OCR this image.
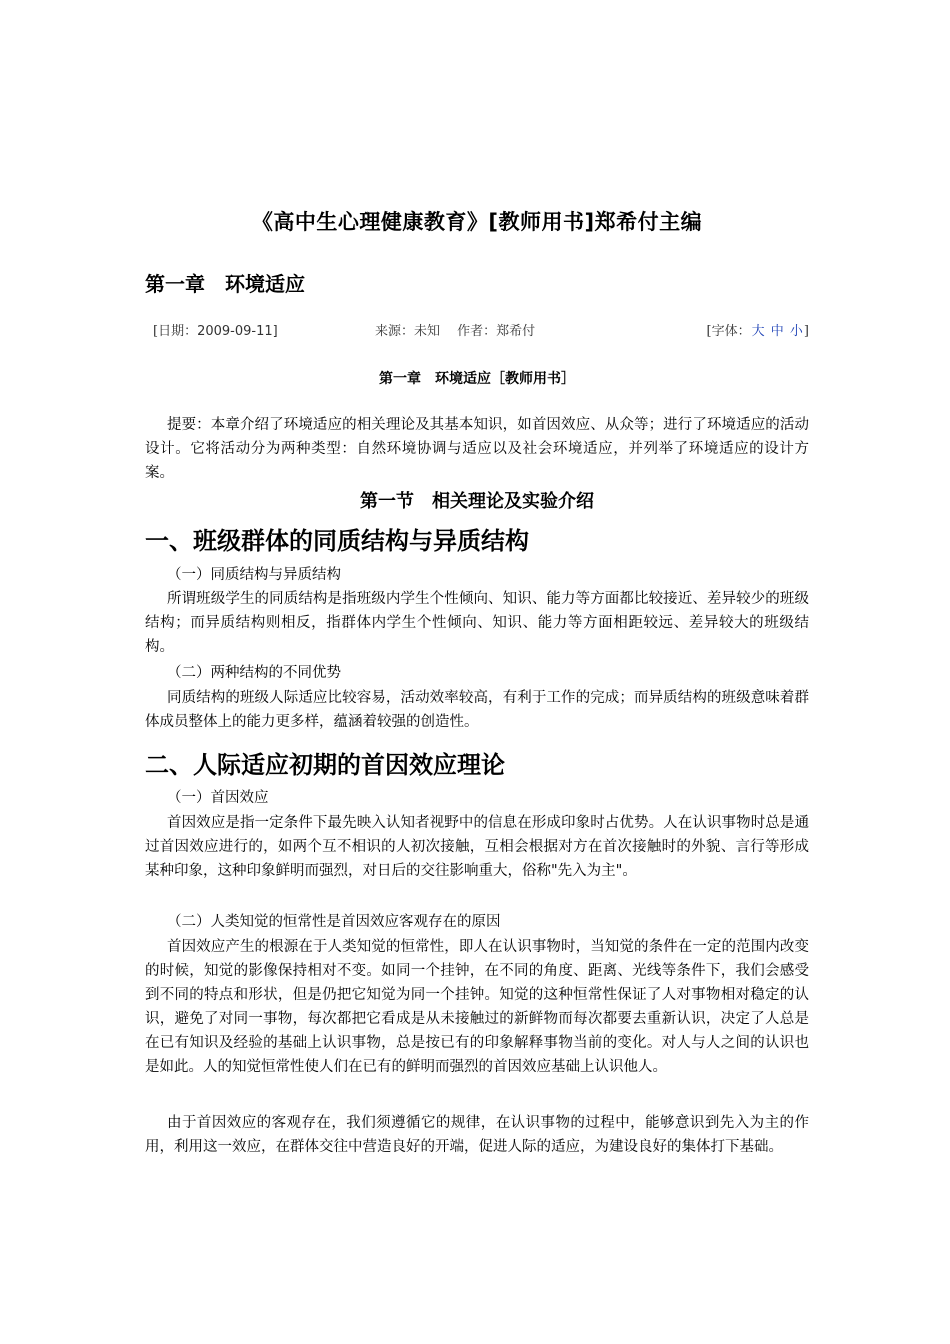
《高中生心理健康教育》[教师用书]郑希付主编
第一章　环境适应
[日期：2009-09-11]	来源：未知　 作者：郑希付	[字体：大 中 小]
第一章　环境适应［教师用书］
提要：本章介绍了环境适应的相关理论及其基本知识，如首因效应、从众等；进行了环境适应的活动设计。它将活动分为两种类型：自然环境协调与适应以及社会环境适应，并列举了环境适应的设计方案。
第一节　相关理论及实验介绍
一、班级群体的同质结构与异质结构
（一）同质结构与异质结构
所谓班级学生的同质结构是指班级内学生个性倾向、知识、能力等方面都比较接近、差异较少的班级结构；而异质结构则相反，指群体内学生个性倾向、知识、能力等方面相距较远、差异较大的班级结构。
（二）两种结构的不同优势
同质结构的班级人际适应比较容易，活动效率较高，有利于工作的完成；而异质结构的班级意味着群体成员整体上的能力更多样，蕴涵着较强的创造性。
二、人际适应初期的首因效应理论
（一）首因效应
首因效应是指一定条件下最先映入认知者视野中的信息在形成印象时占优势。人在认识事物时总是通过首因效应进行的，如两个互不相识的人初次接触，互相会根据对方在首次接触时的外貌、言行等形成某种印象，这种印象鲜明而强烈，对日后的交往影响重大，俗称"先入为主"。
（二）人类知觉的恒常性是首因效应客观存在的原因
首因效应产生的根源在于人类知觉的恒常性，即人在认识事物时，当知觉的条件在一定的范围内改变的时候，知觉的影像保持相对不变。如同一个挂钟，在不同的角度、距离、光线等条件下，我们会感受到不同的特点和形状，但是仍把它知觉为同一个挂钟。知觉的这种恒常性保证了人对事物相对稳定的认识，避免了对同一事物，每次都把它看成是从未接触过的新鲜物而每次都要去重新认识，决定了人总是在已有知识及经验的基础上认识事物，总是按已有的印象解释事物当前的变化。对人与人之间的认识也是如此。人的知觉恒常性使人们在已有的鲜明而强烈的首因效应基础上认识他人。
由于首因效应的客观存在，我们须遵循它的规律，在认识事物的过程中，能够意识到先入为主的作用，利用这一效应，在群体交往中营造良好的开端，促进人际的适应，为建设良好的集体打下基础。
